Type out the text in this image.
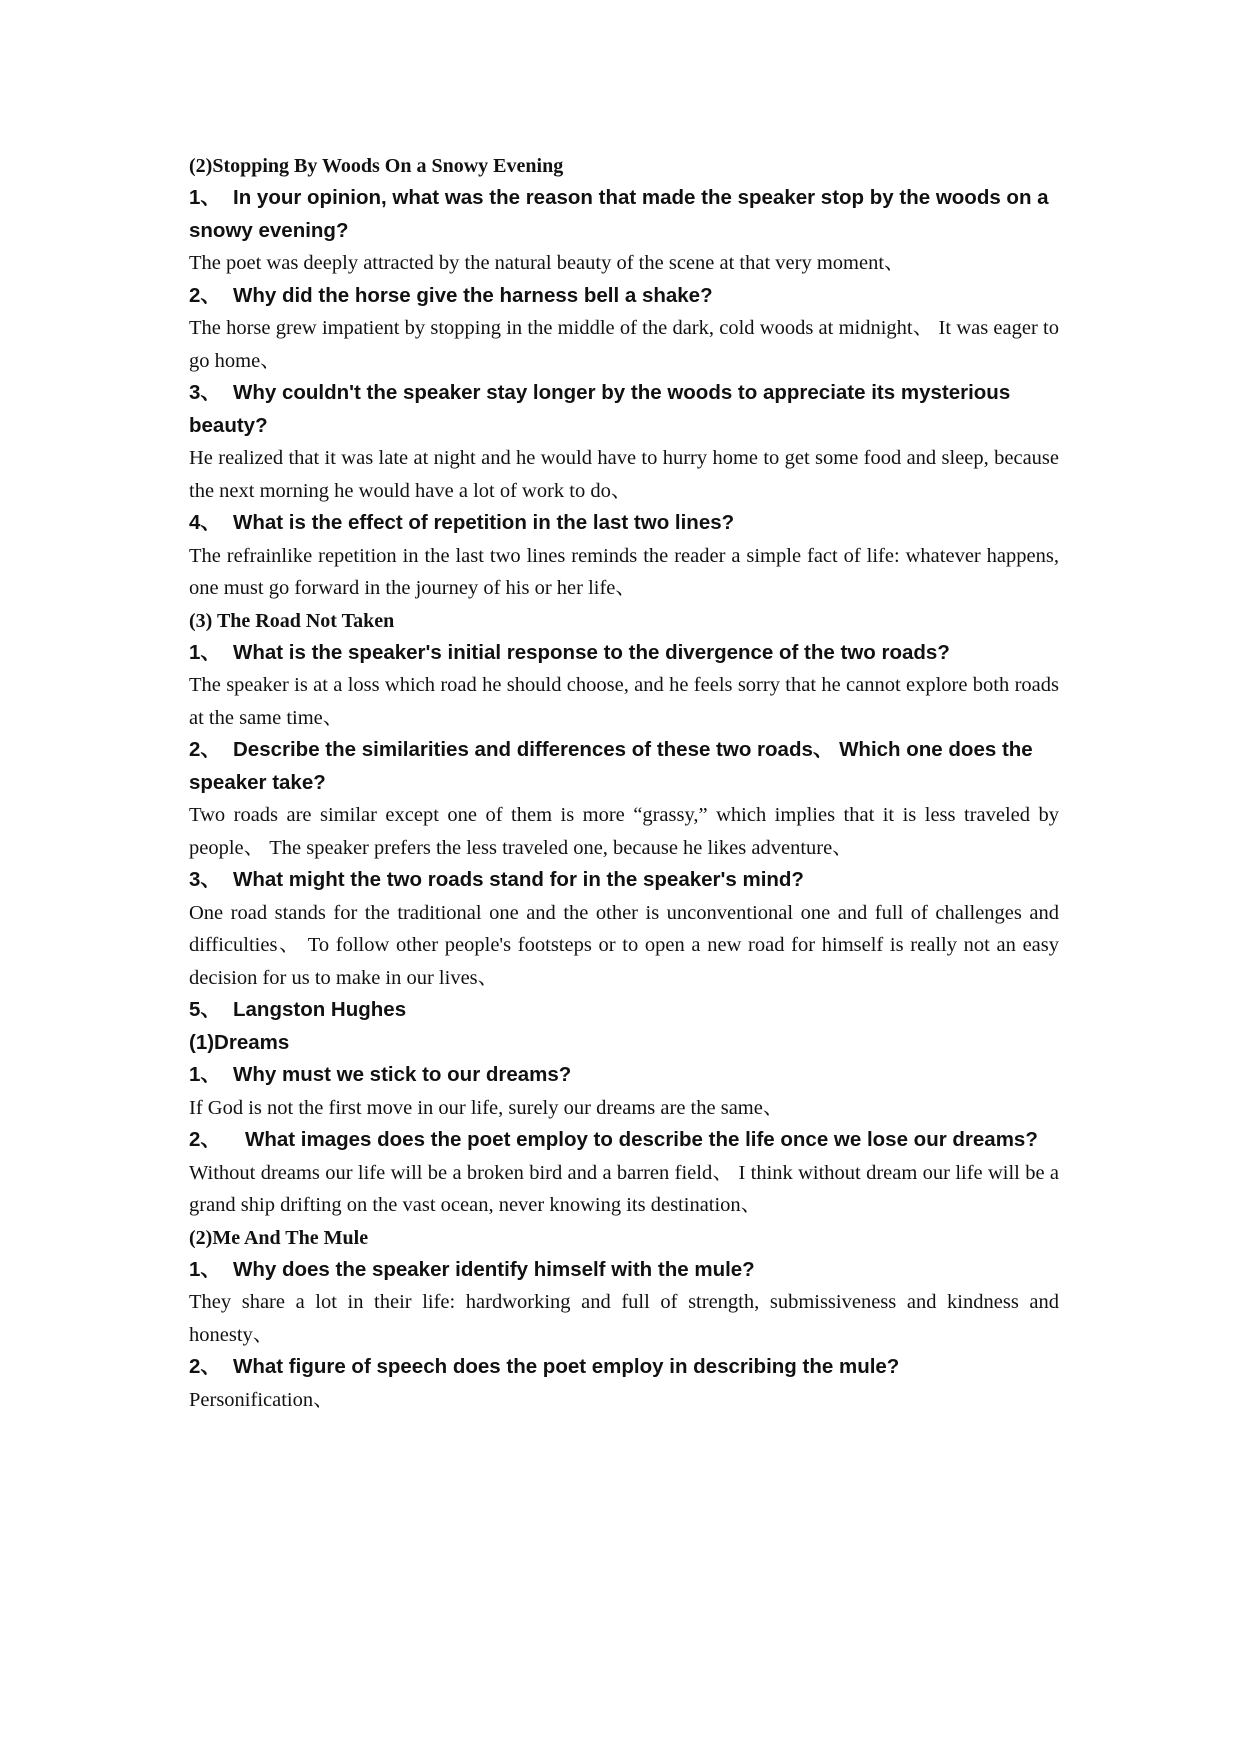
(2)Stopping By Woods On a Snowy Evening
1、 In your opinion, what was the reason that made the speaker stop by the woods on a snowy evening?
The poet was deeply attracted by the natural beauty of the scene at that very moment、
2、 Why did the horse give the harness bell a shake?
The horse grew impatient by stopping in the middle of the dark, cold woods at midnight、 It was eager to go home、
3、 Why couldn't the speaker stay longer by the woods to appreciate its mysterious beauty?
He realized that it was late at night and he would have to hurry home to get some food and sleep, because the next morning he would have a lot of work to do、
4、 What is the effect of repetition in the last two lines?
The refrainlike repetition in the last two lines reminds the reader a simple fact of life: whatever happens, one must go forward in the journey of his or her life、
(3) The Road Not Taken
1、 What is the speaker's initial response to the divergence of the two roads?
The speaker is at a loss which road he should choose, and he feels sorry that he cannot explore both roads at the same time、
2、 Describe the similarities and differences of these two roads、 Which one does the speaker take?
Two roads are similar except one of them is more “grassy,” which implies that it is less traveled by people、 The speaker prefers the less traveled one, because he likes adventure、
3、 What might the two roads stand for in the speaker's mind?
One road stands for the traditional one and the other is unconventional one and full of challenges and difficulties、 To follow other people's footsteps or to open a new road for himself is really not an easy decision for us to make in our lives、
5、 Langston Hughes
(1)Dreams
1、 Why must we stick to our dreams?
If God is not the first move in our life, surely our dreams are the same、
2、 What images does the poet employ to describe the life once we lose our dreams?
Without dreams our life will be a broken bird and a barren field、 I think without dream our life will be a grand ship drifting on the vast ocean, never knowing its destination、
(2)Me And The Mule
1、 Why does the speaker identify himself with the mule?
They share a lot in their life: hardworking and full of strength, submissiveness and kindness and honesty、
2、 What figure of speech does the poet employ in describing the mule?
Personification、
